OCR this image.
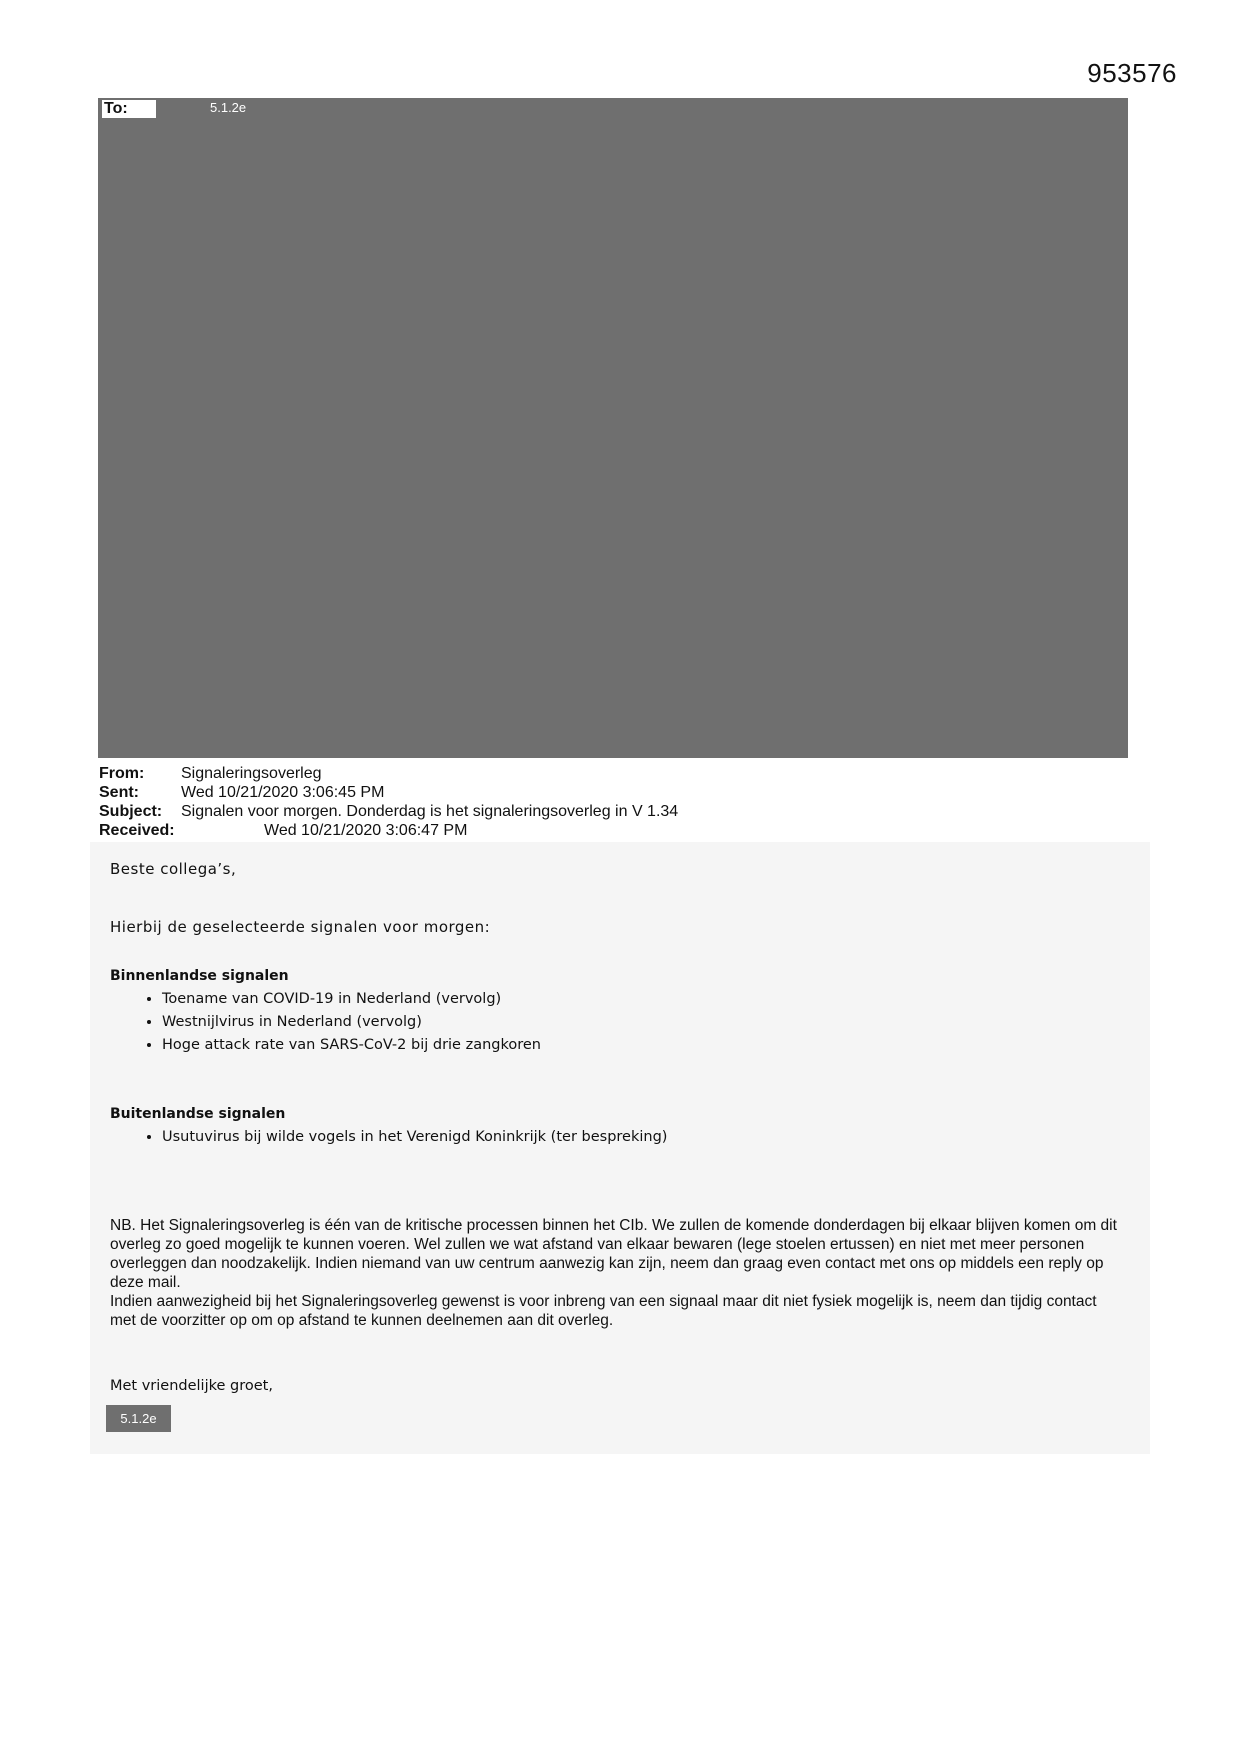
953576
To:	5.1.2e
From:	Signaleringsoverleg
Sent:	Wed 10/21/2020 3:06:45 PM
Subject:	Signalen voor morgen. Donderdag is het signaleringsoverleg in V 1.34
Received:	Wed 10/21/2020 3:06:47 PM
Beste collega’s,
Hierbij de geselecteerde signalen voor morgen:
Binnenlandse signalen
• Toename van COVID-19 in Nederland (vervolg)
• Westnijlvirus in Nederland (vervolg)
• Hoge attack rate van SARS-CoV-2 bij drie zangkoren
Buitenlandse signalen
• Usutuvirus bij wilde vogels in het Verenigd Koninkrijk (ter bespreking)

NB. Het Signaleringsoverleg is één van de kritische processen binnen het CIb. We zullen de komende donderdagen bij elkaar blijven komen om dit overleg zo goed mogelijk te kunnen voeren. Wel zullen we wat afstand van elkaar bewaren (lege stoelen ertussen) en niet met meer personen overleggen dan noodzakelijk. Indien niemand van uw centrum aanwezig kan zijn, neem dan graag even contact met ons op middels een reply op deze mail.

Indien aanwezigheid bij het Signaleringsoverleg gewenst is voor inbreng van een signaal maar dit niet fysiek mogelijk is, neem dan tijdig contact met de voorzitter op om op afstand te kunnen deelnemen aan dit overleg.

Met vriendelijke groet,
5.1.2e
